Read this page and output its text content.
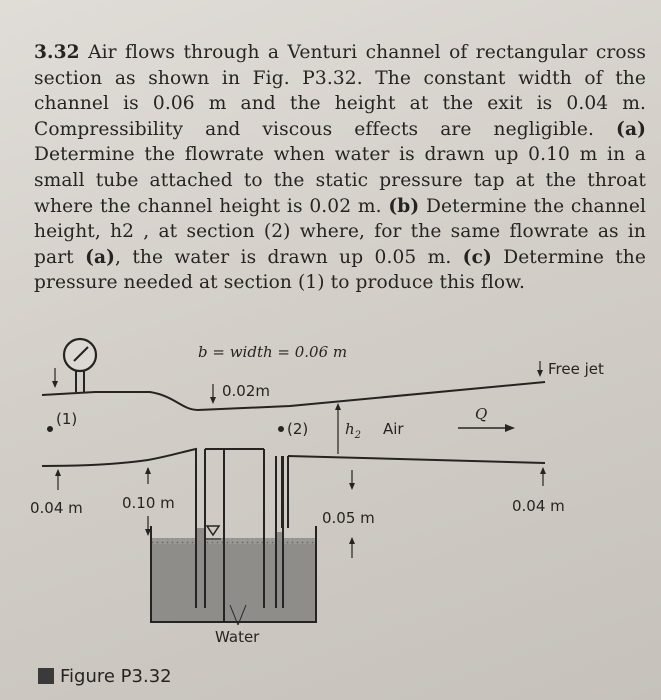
3.32 Air flows through a Venturi channel of rectangular cross section as shown in Fig. P3.32. The constant width of the channel is 0.06 m and the height at the exit is 0.04 m. Compressibility and viscous effects are negligible. (a) Determine the flowrate when water is drawn up 0.10 m in a small tube attached to the static pressure tap at the throat where the channel height is 0.02 m. (b) Determine the channel height, h2 , at section (2) where, for the same flowrate as in part (a), the water is drawn up 0.05 m. (c) Determine the pressure needed at section (1) to produce this flow.
b = width = 0.06 m
Free jet
0.02m
(1)
(2) $h_2$ Air
Q
0.04 m	0.10 m
0.05 m
0.04 m
Water
Figure P3.32
